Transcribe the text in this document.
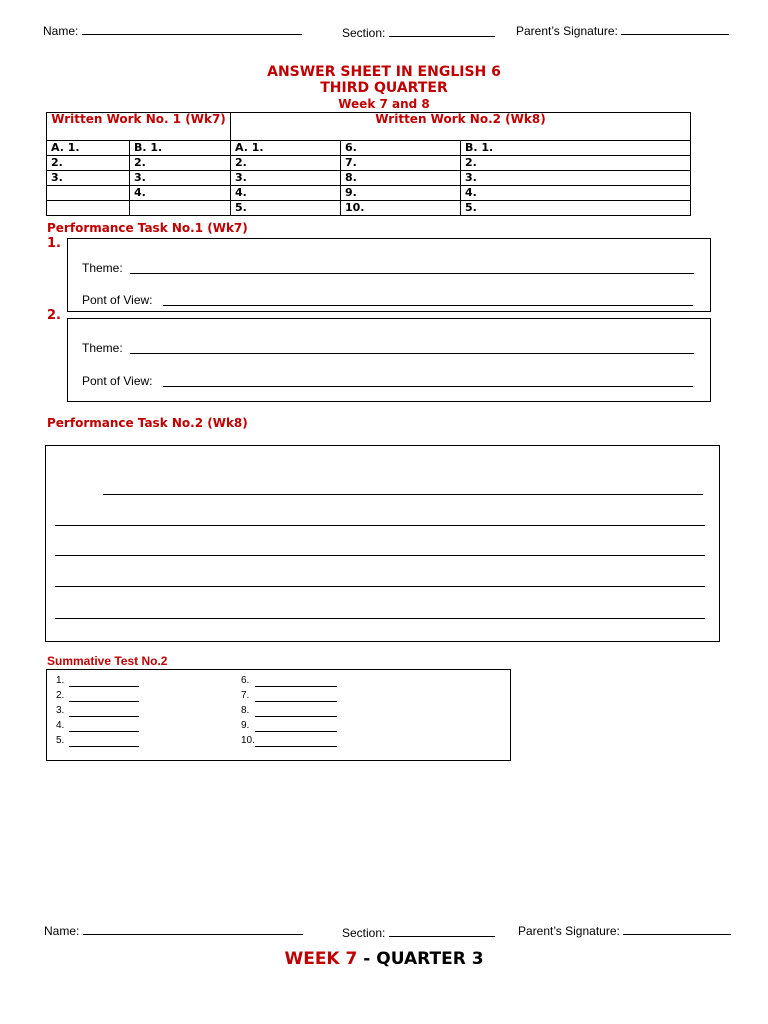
Name:	Section:	Parent’s Signature:
ANSWER SHEET IN ENGLISH 6
THIRD QUARTER
Week 7 and 8
Written Work No. 1 (Wk7)		Written Work No.2 (Wk8)		
A. 1.	B. 1.	A. 1.	6.	B. 1.
2.	2.	2.	7.	2.
3.	3.	3.	8.	3.
	4.	4.	9.	4.
		5.	10.	5.
Performance Task No.1 (Wk7)
1.
Theme:
Pont of View:
2.
Theme:
Pont of View:
Performance Task No.2 (Wk8)
Summative Test No.2
1.
2.
3.
4.
5.
6.
7.
8.
9.
10.
Name:	Section:	Parent’s Signature:
WEEK 7 - QUARTER 3
